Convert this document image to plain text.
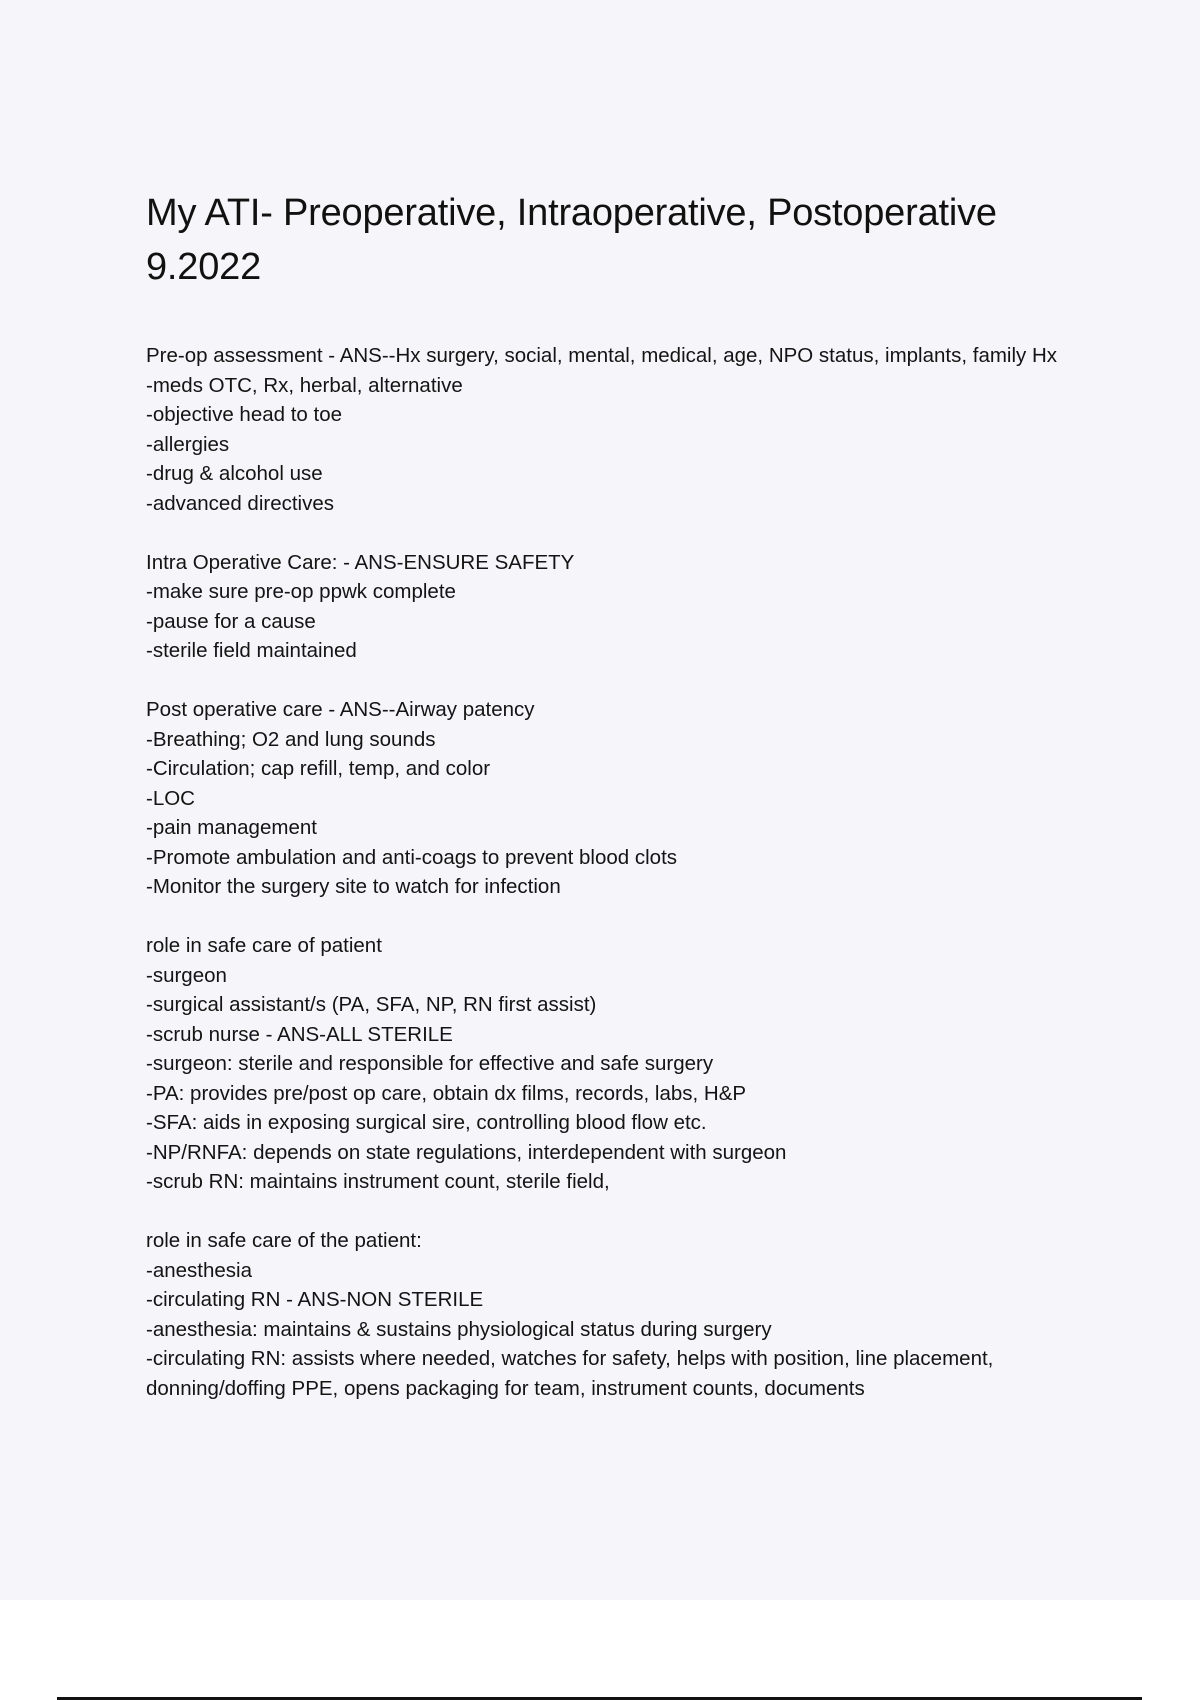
My ATI- Preoperative, Intraoperative, Postoperative 9.2022

Pre-op assessment - ANS--Hx surgery, social, mental, medical, age, NPO status, implants, family Hx

-meds OTC, Rx, herbal, alternative

-objective head to toe

-allergies

-drug & alcohol use

-advanced directives

Intra Operative Care: - ANS-ENSURE SAFETY

-make sure pre-op ppwk complete

-pause for a cause

-sterile field maintained

Post operative care - ANS--Airway patency

-Breathing; O2 and lung sounds

-Circulation; cap refill, temp, and color

-LOC

-pain management

-Promote ambulation and anti-coags to prevent blood clots

-Monitor the surgery site to watch for infection

role in safe care of patient

-surgeon

-surgical assistant/s (PA, SFA, NP, RN first assist)

-scrub nurse - ANS-ALL STERILE

-surgeon: sterile and responsible for effective and safe surgery

-PA: provides pre/post op care, obtain dx films, records, labs, H&P

-SFA: aids in exposing surgical sire, controlling blood flow etc.

-NP/RNFA: depends on state regulations, interdependent with surgeon

-scrub RN: maintains instrument count, sterile field,

role in safe care of the patient:

-anesthesia

-circulating RN - ANS-NON STERILE

-anesthesia: maintains & sustains physiological status during surgery

-circulating RN: assists where needed, watches for safety, helps with position, line placement, donning/doffing PPE, opens packaging for team, instrument counts, documents
